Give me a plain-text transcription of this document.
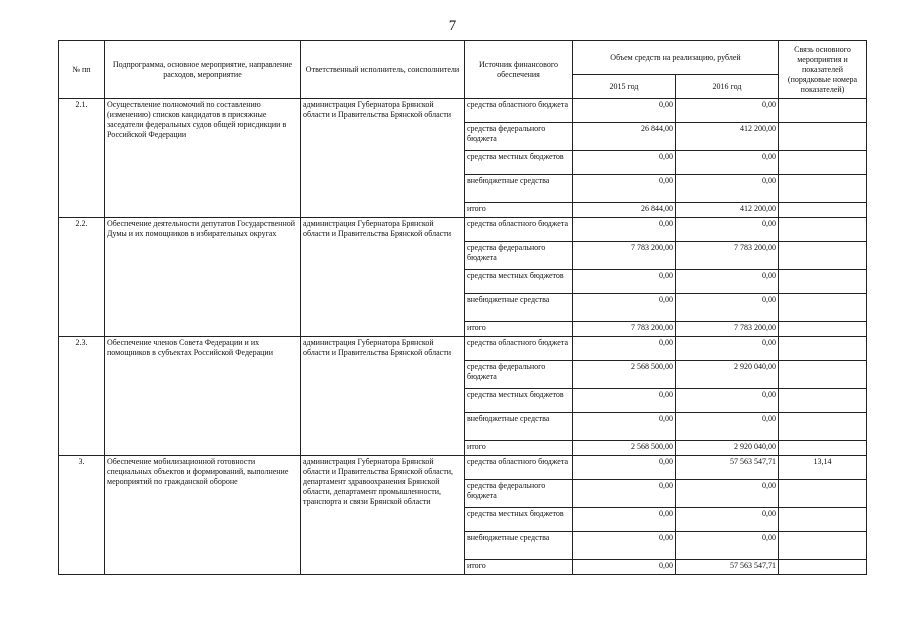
7
№ пп	Подпрограмма, основное мероприятие, направление расходов, мероприятие	Ответственный исполнитель, соисполнители	Источник финансового обеспечения	Объем средств на реализацию, рублей		Связь основного мероприятия и показателей (порядковые номера показателей)
				2015 год	2016 год	
2.1.	Осуществление полномочий по составлению (изменению) списков кандидатов в присяжные заседатели федеральных судов общей юрисдикции в Российской Федерации	администрация Губернатора Брянской области и Правительства Брянской области	средства областного бюджета	0,00	0,00	
			средства федерального бюджета	26 844,00	412 200,00	
			средства местных бюджетов	0,00	0,00	
			внебюджетные средства	0,00	0,00	
			итого	26 844,00	412 200,00	
2.2.	Обеспечение деятельности депутатов Государственной Думы и их помощников в избирательных округах	администрация Губернатора Брянской области и Правительства Брянской области	средства областного бюджета	0,00	0,00	
			средства федерального бюджета	7 783 200,00	7 783 200,00	
			средства местных бюджетов	0,00	0,00	
			внебюджетные средства	0,00	0,00	
			итого	7 783 200,00	7 783 200,00	
2.3.	Обеспечение членов Совета Федерации и их помощников в субъектах Российской Федерации	администрация Губернатора Брянской области и Правительства Брянской области	средства областного бюджета	0,00	0,00	
			средства федерального бюджета	2 568 500,00	2 920 040,00	
			средства местных бюджетов	0,00	0,00	
			внебюджетные средства	0,00	0,00	
			итого	2 568 500,00	2 920 040,00	
3.	Обеспечение мобилизационной готовности специальных объектов и формирований, выполнение мероприятий по гражданской обороне	администрация Губернатора Брянской области и Правительства Брянской области, департамент здравоохранения Брянской области, департамент промышленности, транспорта и связи Брянской области	средства областного бюджета	0,00	57 563 547,71	13,14
			средства федерального бюджета	0,00	0,00	
			средства местных бюджетов	0,00	0,00	
			внебюджетные средства	0,00	0,00	
			итого	0,00	57 563 547,71	
